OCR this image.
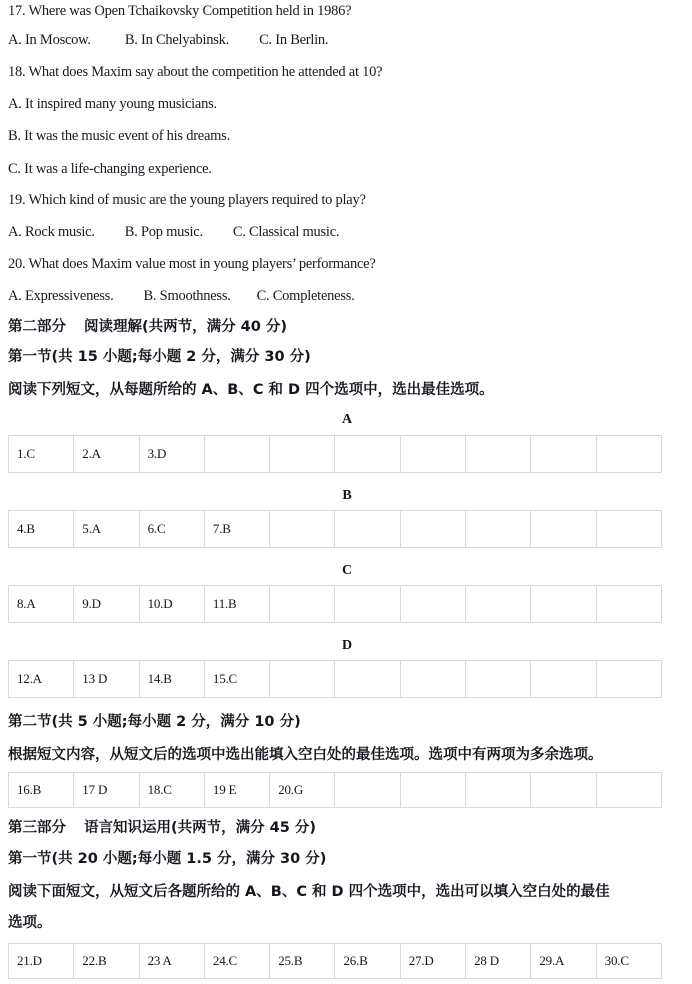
17. Where was Open Tchaikovsky Competition held in 1986?
A. In Moscow. B. In Chelyabinsk. C. In Berlin.
18. What does Maxim say about the competition he attended at 10?
A. It inspired many young musicians.
B. It was the music event of his dreams.
C. It was a life-changing experience.
19. Which kind of music are the young players required to play?
A. Rock music. B. Pop music. C. Classical music.
20. What does Maxim value most in young players’ performance?
A. Expressiveness. B. Smoothness. C. Completeness.
第二部分 阅读理解(共两节，满分 40 分)
第一节(共 15 小题;每小题 2 分，满分 30 分)
阅读下列短文，从每题所给的 A、B、C 和 D 四个选项中，选出最佳选项。
A
1.C	2.A	3.D							
B
4.B	5.A	6.C	7.B						
C
8.A	9.D	10.D	11.B						
D
12.A	13 D	14.B	15.C						
第二节(共 5 小题;每小题 2 分，满分 10 分)
根据短文内容，从短文后的选项中选出能填入空白处的最佳选项。选项中有两项为多余选项。
16.B	17 D	18.C	19 E	20.G					
第三部分 语言知识运用(共两节，满分 45 分)
第一节(共 20 小题;每小题 1.5 分，满分 30 分)
阅读下面短文，从短文后各题所给的 A、B、C 和 D 四个选项中，选出可以填入空白处的最佳
选项。
21.D	22.B	23 A	24.C	25.B	26.B	27.D	28 D	29.A	30.C
